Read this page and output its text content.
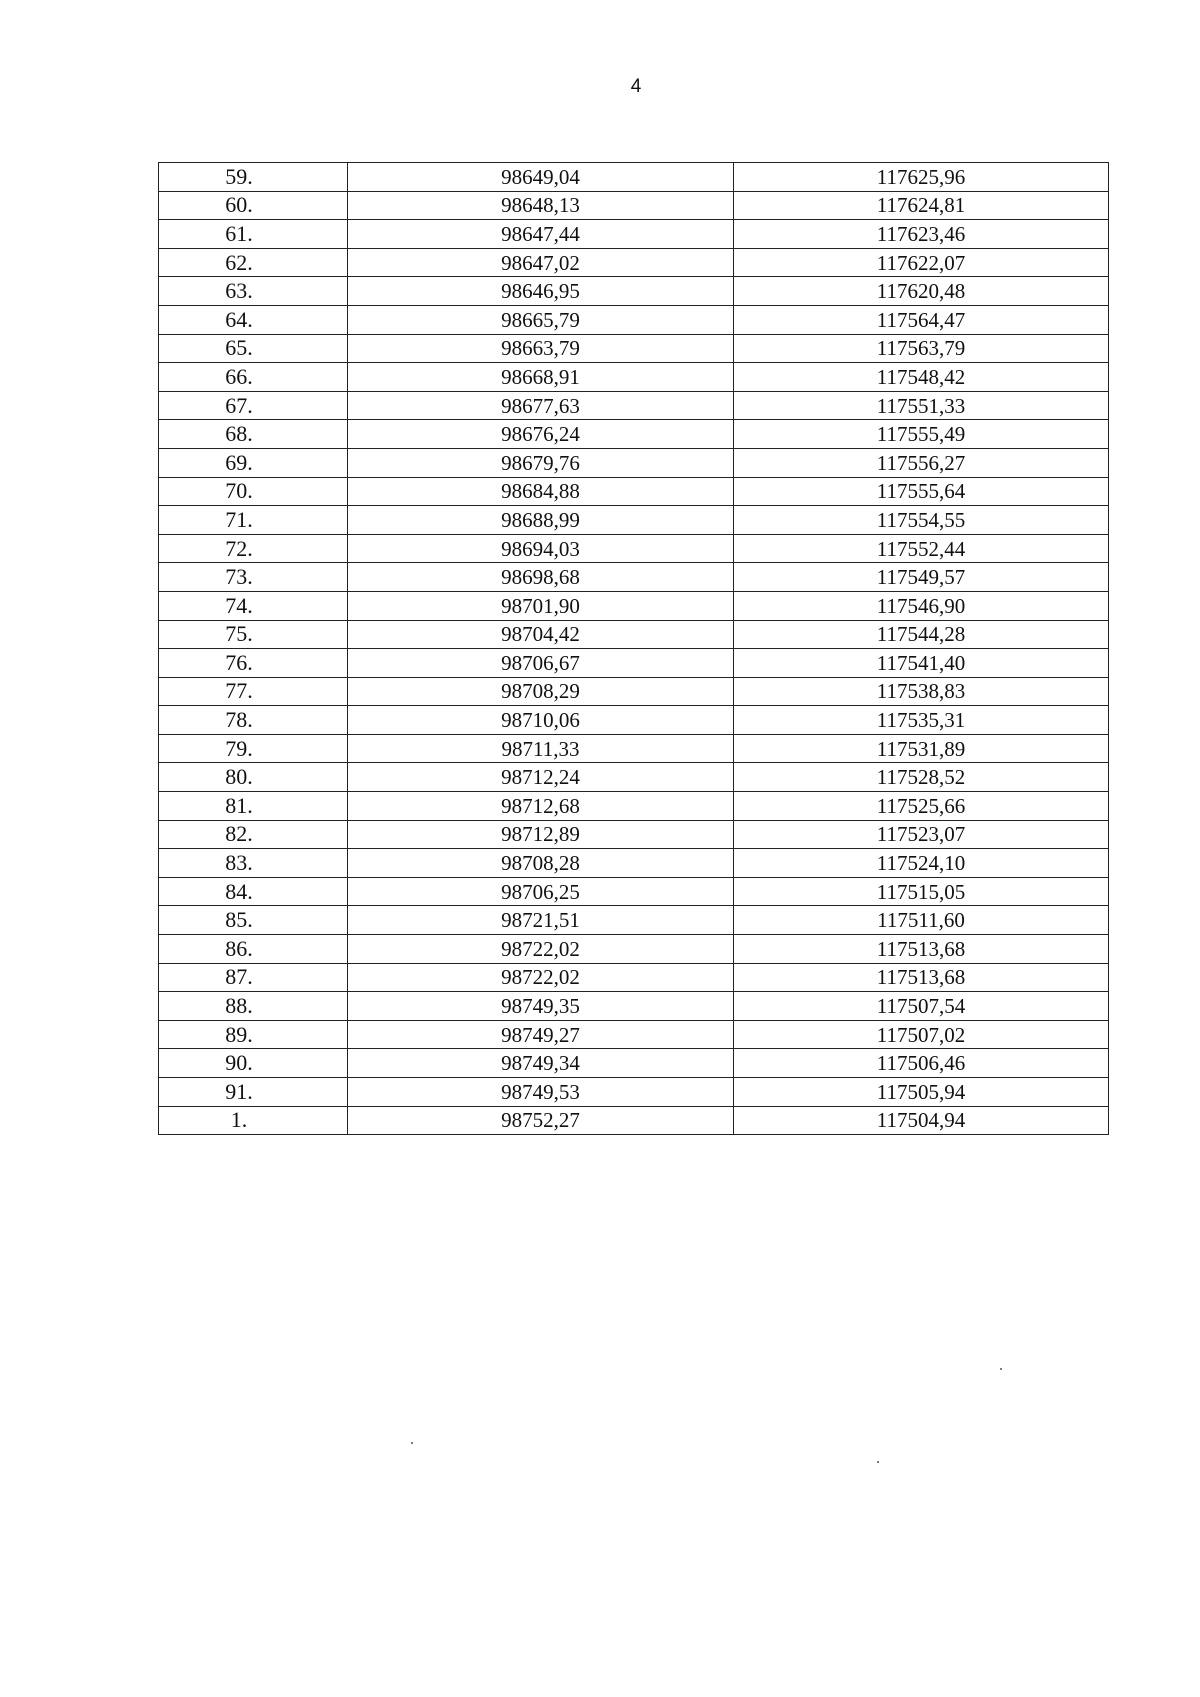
4
59.	98649,04	117625,96
60.	98648,13	117624,81
61.	98647,44	117623,46
62.	98647,02	117622,07
63.	98646,95	117620,48
64.	98665,79	117564,47
65.	98663,79	117563,79
66.	98668,91	117548,42
67.	98677,63	117551,33
68.	98676,24	117555,49
69.	98679,76	117556,27
70.	98684,88	117555,64
71.	98688,99	117554,55
72.	98694,03	117552,44
73.	98698,68	117549,57
74.	98701,90	117546,90
75.	98704,42	117544,28
76.	98706,67	117541,40
77.	98708,29	117538,83
78.	98710,06	117535,31
79.	98711,33	117531,89
80.	98712,24	117528,52
81.	98712,68	117525,66
82.	98712,89	117523,07
83.	98708,28	117524,10
84.	98706,25	117515,05
85.	98721,51	117511,60
86.	98722,02	117513,68
87.	98722,02	117513,68
88.	98749,35	117507,54
89.	98749,27	117507,02
90.	98749,34	117506,46
91.	98749,53	117505,94
1.	98752,27	117504,94
